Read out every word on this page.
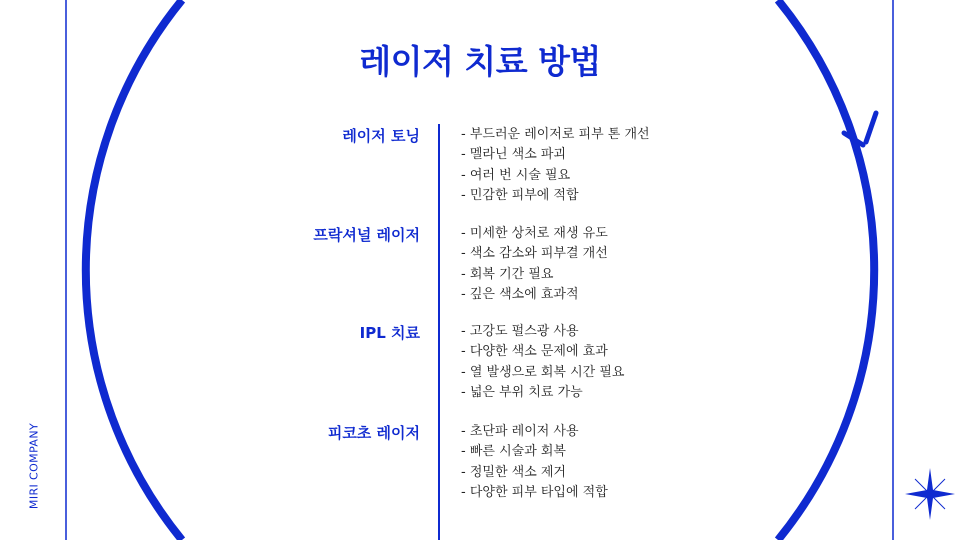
레이저 치료 방법
레이저 토닝	- 부드러운 레이저로 피부 톤 개선
- 멜라닌 색소 파괴
- 여러 번 시술 필요
- 민감한 피부에 적합
프락셔널 레이저	- 미세한 상처로 재생 유도
- 색소 감소와 피부결 개선
- 회복 기간 필요
- 깊은 색소에 효과적
IPL 치료	- 고강도 펄스광 사용
- 다양한 색소 문제에 효과
- 열 발생으로 회복 시간 필요
- 넓은 부위 치료 가능
피코초 레이저	- 초단파 레이저 사용
- 빠른 시술과 회복
- 정밀한 색소 제거
- 다양한 피부 타입에 적합
MIRI COMPANY
